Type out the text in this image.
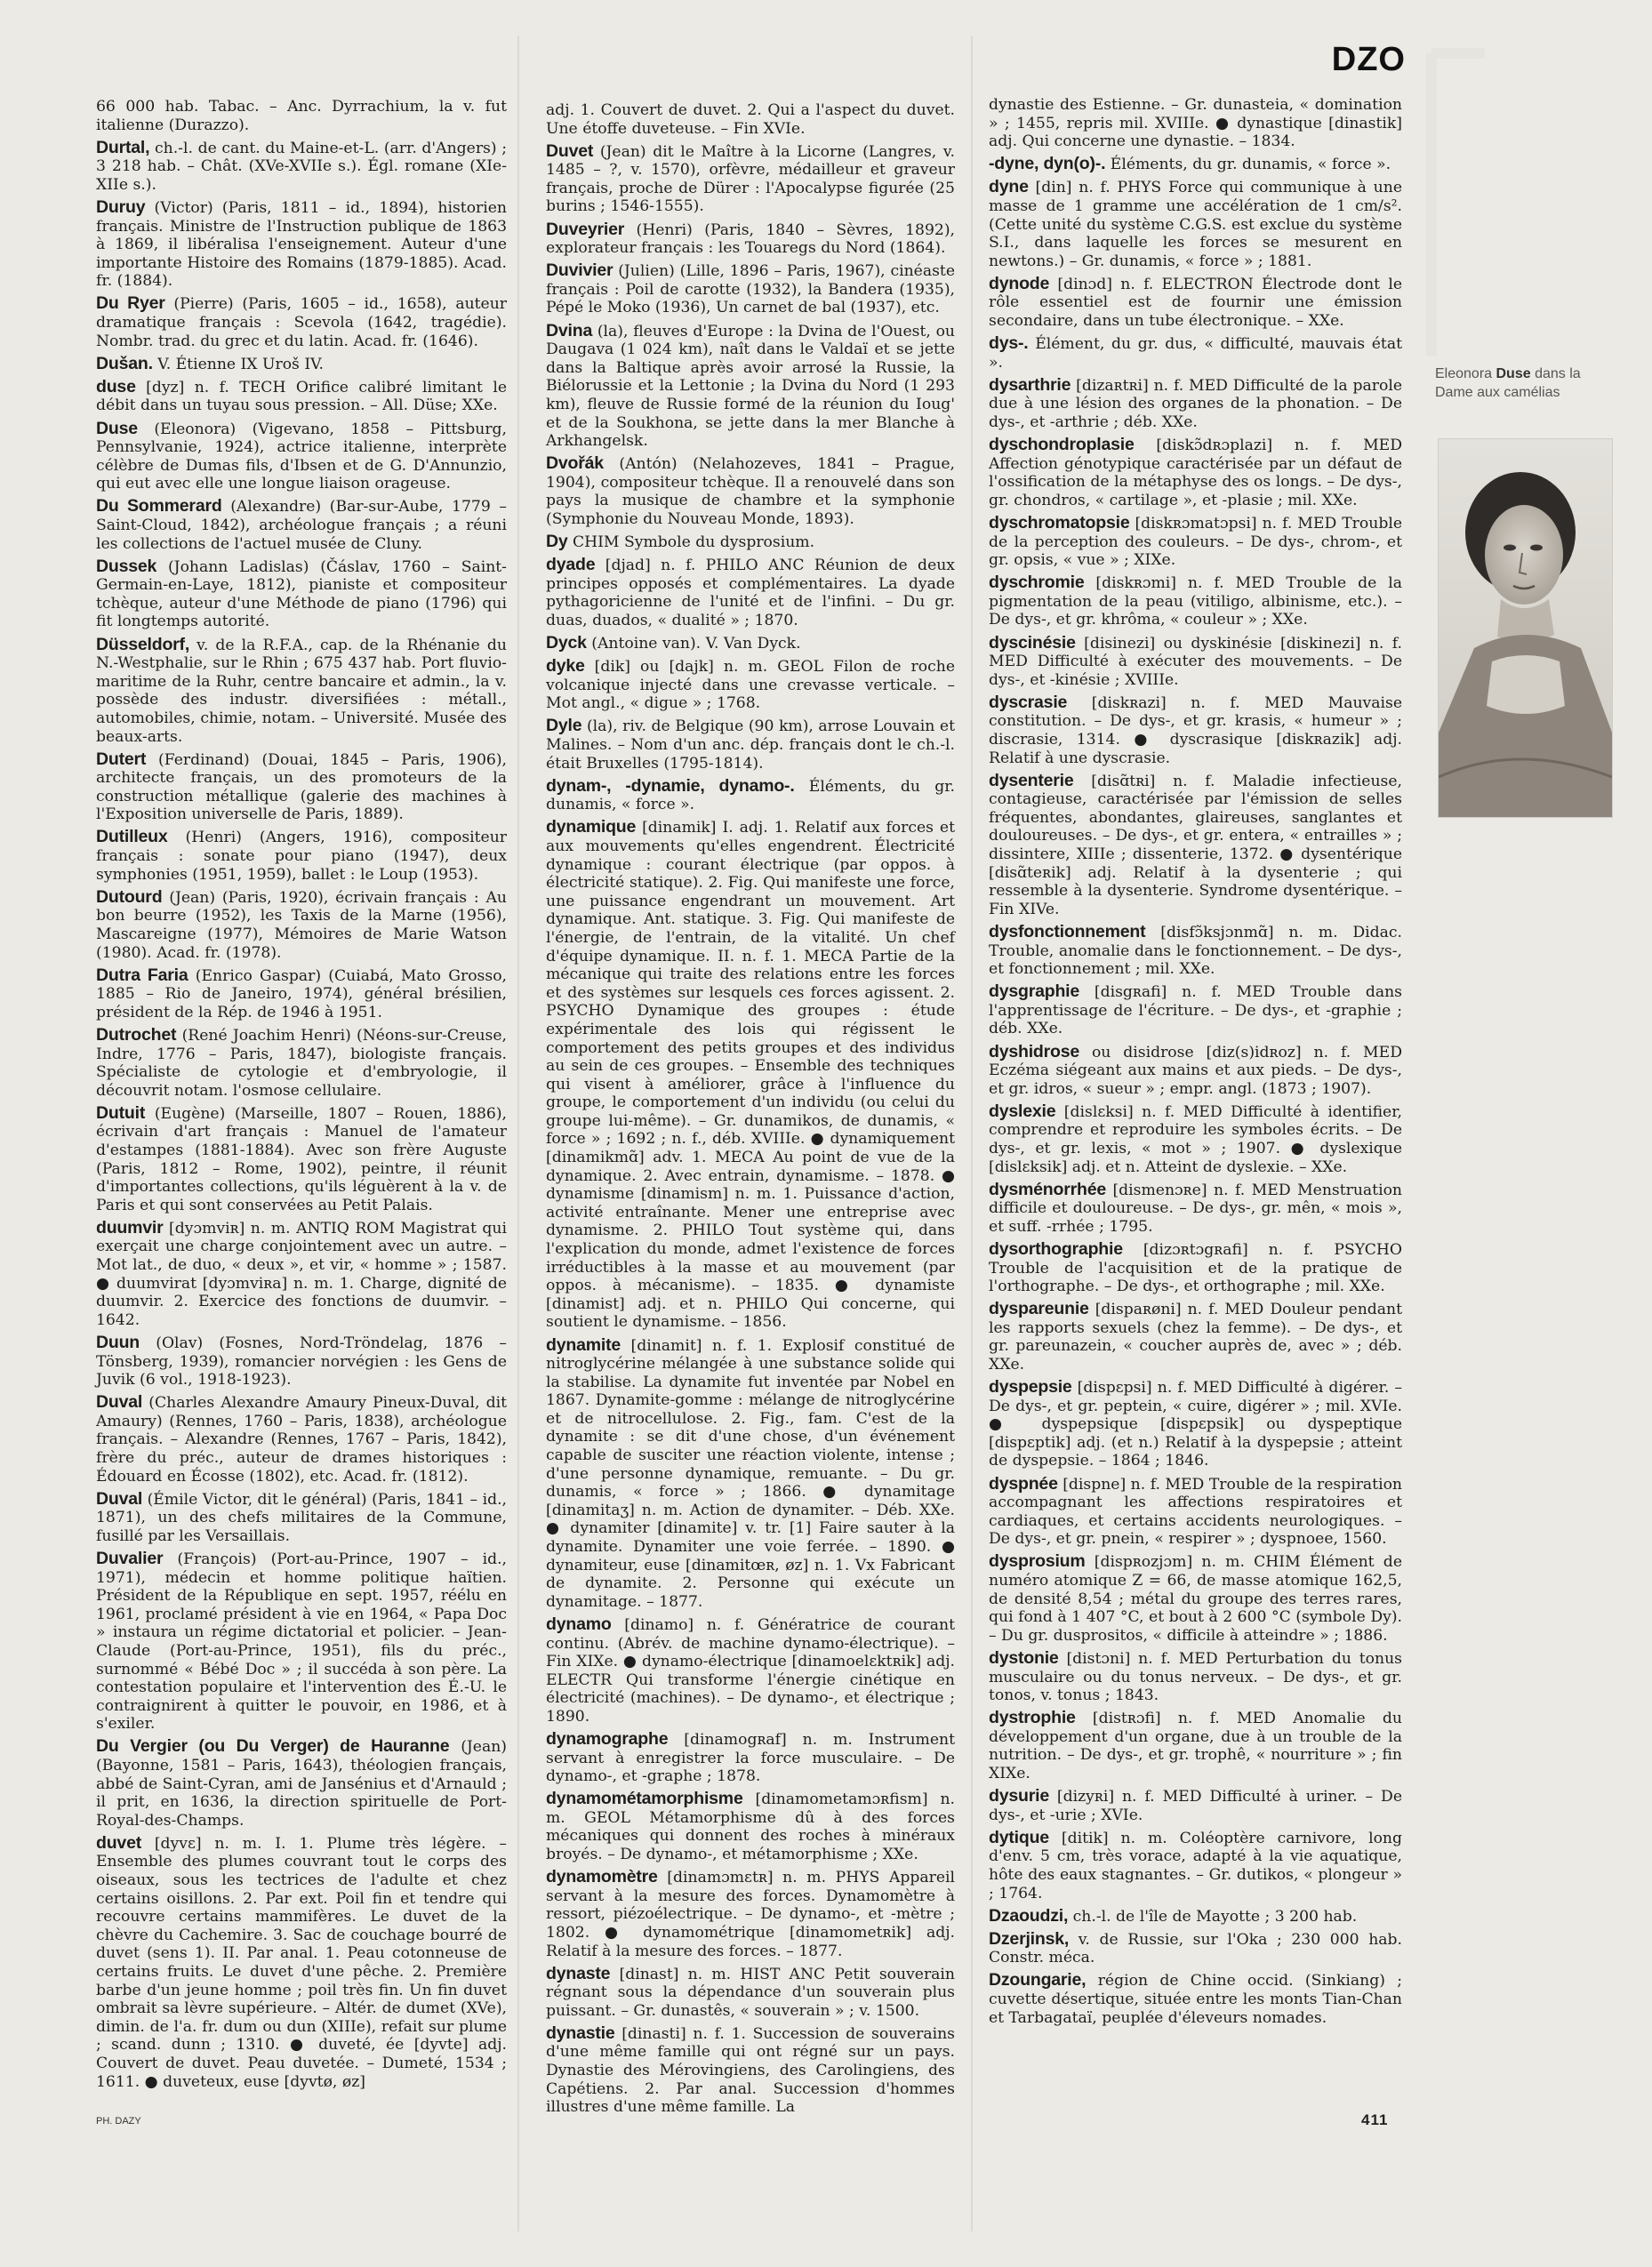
DZO

66 000 hab. Tabac. – Anc. Dyrrachium, la v. fut italienne (Durazzo).

Durtal, ch.-l. de cant. du Maine-et-L. (arr. d'Angers) ; 3 218 hab. – Chât. (XVe-XVIIe s.). Égl. romane (XIe-XIIe s.).

Duruy (Victor) (Paris, 1811 – id., 1894), historien français. Ministre de l'Instruction publique de 1863 à 1869, il libéralisa l'enseignement. Auteur d'une importante Histoire des Romains (1879-1885). Acad. fr. (1884).

Du Ryer (Pierre) (Paris, 1605 – id., 1658), auteur dramatique français : Scevola (1642, tragédie). Nombr. trad. du grec et du latin. Acad. fr. (1646).

Dušan. V. Étienne IX Uroš IV.

duse [dyz] n. f. TECH Orifice calibré limitant le débit dans un tuyau sous pression. – All. Düse; XXe.

Duse (Eleonora) (Vigevano, 1858 – Pittsburg, Pennsylvanie, 1924), actrice italienne, interprète célèbre de Dumas fils, d'Ibsen et de G. D'Annunzio, qui eut avec elle une longue liaison orageuse.

Du Sommerard (Alexandre) (Bar-sur-Aube, 1779 – Saint-Cloud, 1842), archéologue français ; a réuni les collections de l'actuel musée de Cluny.

Dussek (Johann Ladislas) (Čáslav, 1760 – Saint-Germain-en-Laye, 1812), pianiste et compositeur tchèque, auteur d'une Méthode de piano (1796) qui fit longtemps autorité.

Düsseldorf, v. de la R.F.A., cap. de la Rhénanie du N.-Westphalie, sur le Rhin ; 675 437 hab. Port fluvio-maritime de la Ruhr, centre bancaire et admin., la v. possède des industr. diversifiées : métall., automobiles, chimie, notam. – Université. Musée des beaux-arts.

Dutert (Ferdinand) (Douai, 1845 – Paris, 1906), architecte français, un des promoteurs de la construction métallique (galerie des machines à l'Exposition universelle de Paris, 1889).

Dutilleux (Henri) (Angers, 1916), compositeur français : sonate pour piano (1947), deux symphonies (1951, 1959), ballet : le Loup (1953).

Dutourd (Jean) (Paris, 1920), écrivain français : Au bon beurre (1952), les Taxis de la Marne (1956), Mascareigne (1977), Mémoires de Marie Watson (1980). Acad. fr. (1978).

Dutra Faria (Enrico Gaspar) (Cuiabá, Mato Grosso, 1885 – Rio de Janeiro, 1974), général brésilien, président de la Rép. de 1946 à 1951.

Dutrochet (René Joachim Henri) (Néons-sur-Creuse, Indre, 1776 – Paris, 1847), biologiste français. Spécialiste de cytologie et d'embryologie, il découvrit notam. l'osmose cellulaire.

Dutuit (Eugène) (Marseille, 1807 – Rouen, 1886), écrivain d'art français : Manuel de l'amateur d'estampes (1881-1884). Avec son frère Auguste (Paris, 1812 – Rome, 1902), peintre, il réunit d'importantes collections, qu'ils léguèrent à la v. de Paris et qui sont conservées au Petit Palais.

duumvir [dyɔmviʀ] n. m. ANTIQ ROM Magistrat qui exerçait une charge conjointement avec un autre. – Mot lat., de duo, « deux », et vir, « homme » ; 1587. ● duumvirat [dyɔmviʀa] n. m. 1. Charge, dignité de duumvir. 2. Exercice des fonctions de duumvir. – 1642.

Duun (Olav) (Fosnes, Nord-Tröndelag, 1876 – Tönsberg, 1939), romancier norvégien : les Gens de Juvik (6 vol., 1918-1923).

Duval (Charles Alexandre Amaury Pineux-Duval, dit Amaury) (Rennes, 1760 – Paris, 1838), archéologue français. – Alexandre (Rennes, 1767 – Paris, 1842), frère du préc., auteur de drames historiques : Édouard en Écosse (1802), etc. Acad. fr. (1812).

Duval (Émile Victor, dit le général) (Paris, 1841 – id., 1871), un des chefs militaires de la Commune, fusillé par les Versaillais.

Duvalier (François) (Port-au-Prince, 1907 – id., 1971), médecin et homme politique haïtien. Président de la République en sept. 1957, réélu en 1961, proclamé président à vie en 1964, « Papa Doc » instaura un régime dictatorial et policier. – Jean-Claude (Port-au-Prince, 1951), fils du préc., surnommé « Bébé Doc » ; il succéda à son père. La contestation populaire et l'intervention des É.-U. le contraignirent à quitter le pouvoir, en 1986, et à s'exiler.

Du Vergier (ou Du Verger) de Hauranne (Jean) (Bayonne, 1581 – Paris, 1643), théologien français, abbé de Saint-Cyran, ami de Jansénius et d'Arnauld ; il prit, en 1636, la direction spirituelle de Port-Royal-des-Champs.

duvet [dyvɛ] n. m. I. 1. Plume très légère. – Ensemble des plumes couvrant tout le corps des oiseaux, sous les tectrices de l'adulte et chez certains oisillons. 2. Par ext. Poil fin et tendre qui recouvre certains mammifères. Le duvet de la chèvre du Cachemire. 3. Sac de couchage bourré de duvet (sens 1). II. Par anal. 1. Peau cotonneuse de certains fruits. Le duvet d'une pêche. 2. Première barbe d'un jeune homme ; poil très fin. Un fin duvet ombrait sa lèvre supérieure. – Altér. de dumet (XVe), dimin. de l'a. fr. dum ou dun (XIIIe), refait sur plume ; scand. dunn ; 1310. ● duveté, ée [dyvte] adj. Couvert de duvet. Peau duvetée. – Dumeté, 1534 ; 1611. ● duveteux, euse [dyvtø, øz]

adj. 1. Couvert de duvet. 2. Qui a l'aspect du duvet. Une étoffe duveteuse. – Fin XVIe.

Duvet (Jean) dit le Maître à la Licorne (Langres, v. 1485 – ?, v. 1570), orfèvre, médailleur et graveur français, proche de Dürer : l'Apocalypse figurée (25 burins ; 1546-1555).

Duveyrier (Henri) (Paris, 1840 – Sèvres, 1892), explorateur français : les Touaregs du Nord (1864).

Duvivier (Julien) (Lille, 1896 – Paris, 1967), cinéaste français : Poil de carotte (1932), la Bandera (1935), Pépé le Moko (1936), Un carnet de bal (1937), etc.

Dvina (la), fleuves d'Europe : la Dvina de l'Ouest, ou Daugava (1 024 km), naît dans le Valdaï et se jette dans la Baltique après avoir arrosé la Russie, la Biélorussie et la Lettonie ; la Dvina du Nord (1 293 km), fleuve de Russie formé de la réunion du Ioug' et de la Soukhona, se jette dans la mer Blanche à Arkhangelsk.

Dvořák (Antón) (Nelahozeves, 1841 – Prague, 1904), compositeur tchèque. Il a renouvelé dans son pays la musique de chambre et la symphonie (Symphonie du Nouveau Monde, 1893).

Dy CHIM Symbole du dysprosium.

dyade [djad] n. f. PHILO ANC Réunion de deux principes opposés et complémentaires. La dyade pythagoricienne de l'unité et de l'infini. – Du gr. duas, duados, « dualité » ; 1870.

Dyck (Antoine van). V. Van Dyck.

dyke [dik] ou [dajk] n. m. GEOL Filon de roche volcanique injecté dans une crevasse verticale. – Mot angl., « digue » ; 1768.

Dyle (la), riv. de Belgique (90 km), arrose Louvain et Malines. – Nom d'un anc. dép. français dont le ch.-l. était Bruxelles (1795-1814).

dynam-, -dynamie, dynamo-. Éléments, du gr. dunamis, « force ».

dynamique [dinamik] I. adj. 1. Relatif aux forces et aux mouvements qu'elles engendrent. Électricité dynamique : courant électrique (par oppos. à électricité statique). 2. Fig. Qui manifeste une force, une puissance engendrant un mouvement. Art dynamique. Ant. statique. 3. Fig. Qui manifeste de l'énergie, de l'entrain, de la vitalité. Un chef d'équipe dynamique. II. n. f. 1. MECA Partie de la mécanique qui traite des relations entre les forces et des systèmes sur lesquels ces forces agissent. 2. PSYCHO Dynamique des groupes : étude expérimentale des lois qui régissent le comportement des petits groupes et des individus au sein de ces groupes. – Ensemble des techniques qui visent à améliorer, grâce à l'influence du groupe, le comportement d'un individu (ou celui du groupe lui-même). – Gr. dunamikos, de dunamis, « force » ; 1692 ; n. f., déb. XVIIIe. ● dynamiquement [dinamikmɑ̃] adv. 1. MECA Au point de vue de la dynamique. 2. Avec entrain, dynamisme. – 1878. ● dynamisme [dinamism] n. m. 1. Puissance d'action, activité entraînante. Mener une entreprise avec dynamisme. 2. PHILO Tout système qui, dans l'explication du monde, admet l'existence de forces irréductibles à la masse et au mouvement (par oppos. à mécanisme). – 1835. ● dynamiste [dinamist] adj. et n. PHILO Qui concerne, qui soutient le dynamisme. – 1856.

dynamite [dinamit] n. f. 1. Explosif constitué de nitroglycérine mélangée à une substance solide qui la stabilise. La dynamite fut inventée par Nobel en 1867. Dynamite-gomme : mélange de nitroglycérine et de nitrocellulose. 2. Fig., fam. C'est de la dynamite : se dit d'une chose, d'un événement capable de susciter une réaction violente, intense ; d'une personne dynamique, remuante. – Du gr. dunamis, « force » ; 1866. ● dynamitage [dinamitaʒ] n. m. Action de dynamiter. – Déb. XXe. ● dynamiter [dinamite] v. tr. [1] Faire sauter à la dynamite. Dynamiter une voie ferrée. – 1890. ● dynamiteur, euse [dinamitœʀ, øz] n. 1. Vx Fabricant de dynamite. 2. Personne qui exécute un dynamitage. – 1877.

dynamo [dinamo] n. f. Génératrice de courant continu. (Abrév. de machine dynamo-électrique). – Fin XIXe. ● dynamo-électrique [dinamoelɛktʀik] adj. ELECTR Qui transforme l'énergie cinétique en électricité (machines). – De dynamo-, et électrique ; 1890.

dynamographe [dinamogʀaf] n. m. Instrument servant à enregistrer la force musculaire. – De dynamo-, et -graphe ; 1878.

dynamométamorphisme [dinamometamɔʀfism] n. m. GEOL Métamorphisme dû à des forces mécaniques qui donnent des roches à minéraux broyés. – De dynamo-, et métamorphisme ; XXe.

dynamomètre [dinamɔmɛtʀ] n. m. PHYS Appareil servant à la mesure des forces. Dynamomètre à ressort, piézoélectrique. – De dynamo-, et -mètre ; 1802. ● dynamométrique [dinamometʀik] adj. Relatif à la mesure des forces. – 1877.

dynaste [dinast] n. m. HIST ANC Petit souverain régnant sous la dépendance d'un souverain plus puissant. – Gr. dunastês, « souverain » ; v. 1500.

dynastie [dinasti] n. f. 1. Succession de souverains d'une même famille qui ont régné sur un pays. Dynastie des Mérovingiens, des Carolingiens, des Capétiens. 2. Par anal. Succession d'hommes illustres d'une même famille. La

dynastie des Estienne. – Gr. dunasteia, « domination » ; 1455, repris mil. XVIIIe. ● dynastique [dinastik] adj. Qui concerne une dynastie. – 1834.

-dyne, dyn(o)-. Éléments, du gr. dunamis, « force ».

dyne [din] n. f. PHYS Force qui communique à une masse de 1 gramme une accélération de 1 cm/s². (Cette unité du système C.G.S. est exclue du système S.I., dans laquelle les forces se mesurent en newtons.) – Gr. dunamis, « force » ; 1881.

dynode [dinɔd] n. f. ELECTRON Électrode dont le rôle essentiel est de fournir une émission secondaire, dans un tube électronique. – XXe.

dys-. Élément, du gr. dus, « difficulté, mauvais état ».

dysarthrie [dizaʀtʀi] n. f. MED Difficulté de la parole due à une lésion des organes de la phonation. – De dys-, et -arthrie ; déb. XXe.

dyschondroplasie [diskɔ̃dʀɔplazi] n. f. MED Affection génotypique caractérisée par un défaut de l'ossification de la métaphyse des os longs. – De dys-, gr. chondros, « cartilage », et -plasie ; mil. XXe.

dyschromatopsie [diskʀɔmatɔpsi] n. f. MED Trouble de la perception des couleurs. – De dys-, chrom-, et gr. opsis, « vue » ; XIXe.

dyschromie [diskʀɔmi] n. f. MED Trouble de la pigmentation de la peau (vitiligo, albinisme, etc.). – De dys-, et gr. khrôma, « couleur » ; XXe.

dyscinésie [disinezi] ou dyskinésie [diskinezi] n. f. MED Difficulté à exécuter des mouvements. – De dys-, et -kinésie ; XVIIIe.

dyscrasie [diskʀazi] n. f. MED Mauvaise constitution. – De dys-, et gr. krasis, « humeur » ; discrasie, 1314. ● dyscrasique [diskʀazik] adj. Relatif à une dyscrasie.

dysenterie [disɑ̃tʀi] n. f. Maladie infectieuse, contagieuse, caractérisée par l'émission de selles fréquentes, abondantes, glaireuses, sanglantes et douloureuses. – De dys-, et gr. entera, « entrailles » ; dissintere, XIIIe ; dissenterie, 1372. ● dysentérique [disɑ̃teʀik] adj. Relatif à la dysenterie ; qui ressemble à la dysenterie. Syndrome dysentérique. – Fin XIVe.

dysfonctionnement [disfɔ̃ksjɔnmɑ̃] n. m. Didac. Trouble, anomalie dans le fonctionnement. – De dys-, et fonctionnement ; mil. XXe.

dysgraphie [disgʀafi] n. f. MED Trouble dans l'apprentissage de l'écriture. – De dys-, et -graphie ; déb. XXe.

dyshidrose ou disidrose [diz(s)idʀoz] n. f. MED Eczéma siégeant aux mains et aux pieds. – De dys-, et gr. idros, « sueur » ; empr. angl. (1873 ; 1907).

dyslexie [dislɛksi] n. f. MED Difficulté à identifier, comprendre et reproduire les symboles écrits. – De dys-, et gr. lexis, « mot » ; 1907. ● dyslexique [dislɛksik] adj. et n. Atteint de dyslexie. – XXe.

dysménorrhée [dismenɔʀe] n. f. MED Menstruation difficile et douloureuse. – De dys-, gr. mên, « mois », et suff. -rrhée ; 1795.

dysorthographie [dizɔʀtɔgʀafi] n. f. PSYCHO Trouble de l'acquisition et de la pratique de l'orthographe. – De dys-, et orthographe ; mil. XXe.

dyspareunie [dispaʀøni] n. f. MED Douleur pendant les rapports sexuels (chez la femme). – De dys-, et gr. pareunazein, « coucher auprès de, avec » ; déb. XXe.

dyspepsie [dispɛpsi] n. f. MED Difficulté à digérer. – De dys-, et gr. peptein, « cuire, digérer » ; mil. XVIe. ● dyspepsique [dispɛpsik] ou dyspeptique [dispɛptik] adj. (et n.) Relatif à la dyspepsie ; atteint de dyspepsie. – 1864 ; 1846.

dyspnée [dispne] n. f. MED Trouble de la respiration accompagnant les affections respiratoires et cardiaques, et certains accidents neurologiques. – De dys-, et gr. pnein, « respirer » ; dyspnoee, 1560.

dysprosium [dispʀozjɔm] n. m. CHIM Élément de numéro atomique Z = 66, de masse atomique 162,5, de densité 8,54 ; métal du groupe des terres rares, qui fond à 1 407 °C, et bout à 2 600 °C (symbole Dy). – Du gr. dusprositos, « difficile à atteindre » ; 1886.

dystonie [distɔni] n. f. MED Perturbation du tonus musculaire ou du tonus nerveux. – De dys-, et gr. tonos, v. tonus ; 1843.

dystrophie [distʀɔfi] n. f. MED Anomalie du développement d'un organe, due à un trouble de la nutrition. – De dys-, et gr. trophê, « nourriture » ; fin XIXe.

dysurie [dizyʀi] n. f. MED Difficulté à uriner. – De dys-, et -urie ; XVIe.

dytique [ditik] n. m. Coléoptère carnivore, long d'env. 5 cm, très vorace, adapté à la vie aquatique, hôte des eaux stagnantes. – Gr. dutikos, « plongeur » ; 1764.

Dzaoudzi, ch.-l. de l'île de Mayotte ; 3 200 hab.

Dzerjinsk, v. de Russie, sur l'Oka ; 230 000 hab. Constr. méca.

Dzoungarie, région de Chine occid. (Sinkiang) ; cuvette désertique, située entre les monts Tian-Chan et Tarbagataï, peuplée d'éleveurs nomades.

Eleonora Duse dans la Dame aux camélias
PH. DAZY	411
